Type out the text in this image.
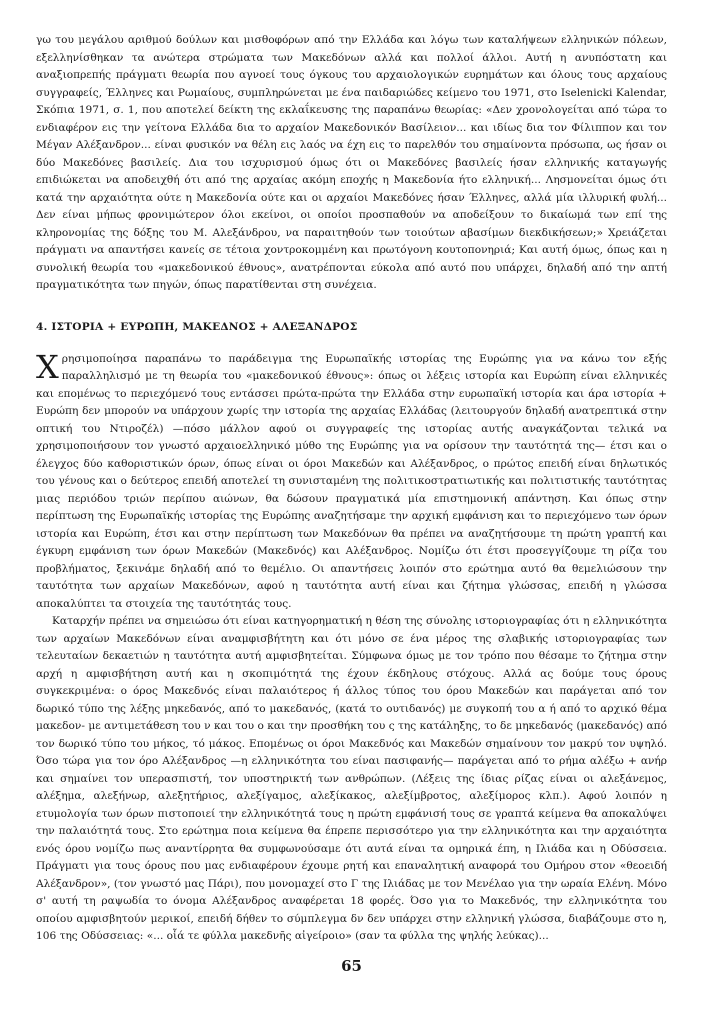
γω του μεγάλου αριθμού δούλων και μισθοφόρων από την Ελλάδα και λόγω των καταλήψεων ελληνικών πόλεων, εξελληνίσθηκαν τα ανώτερα στρώματα των Μακεδόνων αλλά και πολλοί άλλοι. Αυτή η ανυπόστατη και αναξιοπρεπής πράγματι θεωρία που αγνοεί τους όγκους του αρχαιολογικών ευρημάτων και όλους τους αρχαίους συγγραφείς, Έλληνες και Ρωμαίους, συμπληρώνεται με ένα παιδαριώδες κείμενο του 1971, στο Iselenicki Kalendar, Σκόπια 1971, σ. 1, που αποτελεί δείκτη της εκλαΐκευσης της παραπάνω θεωρίας: «Δεν χρονολογείται από τώρα το ενδιαφέρον εις την γείτονα Ελλάδα δια το αρχαίον Μακεδονικόν Βασίλειον... και ιδίως δια τον Φίλιππον και τον Μέγαν Αλέξανδρον... είναι φυσικόν να θέλη εις λαός να έχη εις το παρελθόν του σημαίνοντα πρόσωπα, ως ήσαν οι δύο Μακεδόνες βασιλείς. Δια του ισχυρισμού όμως ότι οι Μακεδόνες βασιλείς ήσαν ελληνικής καταγωγής επιδιώκεται να αποδειχθή ότι από της αρχαίας ακόμη εποχής η Μακεδονία ήτο ελληνική... Λησμονείται όμως ότι κατά την αρχαιότητα ούτε η Μακεδονία ούτε και οι αρχαίοι Μακεδόνες ήσαν Έλληνες, αλλά μία ιλλυρική φυλή... Δεν είναι μήπως φρονιμώτερον όλοι εκείνοι, οι οποίοι προσπαθούν να αποδείξουν το δικαίωμά των επί της κληρονομίας της δόξης του Μ. Αλεξάνδρου, να παραιτηθούν των τοιούτων αβασίμων διεκδικήσεων;» Χρειάζεται πράγματι να απαντήσει κανείς σε τέτοια χοντροκομμένη και πρωτόγονη κουτοπονηριά; Και αυτή όμως, όπως και η συνολική θεωρία του «μακεδονικού έθνους», ανατρέπονται εύκολα από αυτό που υπάρχει, δηλαδή από την απτή πραγματικότητα των πηγών, όπως παρατίθενται στη συνέχεια.

4. ΙΣΤΟΡΙΑ + ΕΥΡΩΠΗ, ΜΑΚΕΔΝΟΣ + ΑΛΕΞΑΝΔΡΟΣ

Χρησιμοποίησα παραπάνω το παράδειγμα της Ευρωπαϊκής ιστορίας της Ευρώπης για να κάνω τον εξής παραλληλισμό με τη θεωρία του «μακεδονικού έθνους»: όπως οι λέξεις ιστορία και Ευρώπη είναι ελληνικές και επομένως το περιεχόμενό τους εντάσσει πρώτα-πρώτα την Ελλάδα στην ευρωπαϊκή ιστορία και άρα ιστορία + Ευρώπη δεν μπορούν να υπάρχουν χωρίς την ιστορία της αρχαίας Ελλάδας (λειτουργούν δηλαδή ανατρεπτικά στην οπτική του Ντιροζέλ) —πόσο μάλλον αφού οι συγγραφείς της ιστορίας αυτής αναγκάζονται τελικά να χρησιμοποιήσουν τον γνωστό αρχαιοελληνικό μύθο της Ευρώπης για να ορίσουν την ταυτότητά της— έτσι και ο έλεγχος δύο καθοριστικών όρων, όπως είναι οι όροι Μακεδών και Αλέξανδρος, ο πρώτος επειδή είναι δηλωτικός του γένους και ο δεύτερος επειδή αποτελεί τη συνισταμένη της πολιτικοστρατιωτικής και πολιτιστικής ταυτότητας μιας περιόδου τριών περίπου αιώνων, θα δώσουν πραγματικά μία επιστημονική απάντηση. Και όπως στην περίπτωση της Ευρωπαϊκής ιστορίας της Ευρώπης αναζητήσαμε την αρχική εμφάνιση και το περιεχόμενο των όρων ιστορία και Ευρώπη, έτσι και στην περίπτωση των Μακεδόνων θα πρέπει να αναζητήσουμε τη πρώτη γραπτή και έγκυρη εμφάνιση των όρων Μακεδών (Μακεδνός) και Αλέξανδρος. Νομίζω ότι έτσι προσεγγίζουμε τη ρίζα του προβλήματος, ξεκινάμε δηλαδή από το θεμέλιο. Οι απαντήσεις λοιπόν στο ερώτημα αυτό θα θεμελιώσουν την ταυτότητα των αρχαίων Μακεδόνων, αφού η ταυτότητα αυτή είναι και ζήτημα γλώσσας, επειδή η γλώσσα αποκαλύπτει τα στοιχεία της ταυτότητάς τους.

Καταρχήν πρέπει να σημειώσω ότι είναι κατηγορηματική η θέση της σύνολης ιστοριογραφίας ότι η ελληνικότητα των αρχαίων Μακεδόνων είναι αναμφισβήτητη και ότι μόνο σε ένα μέρος της σλαβικής ιστοριογραφίας των τελευταίων δεκαετιών η ταυτότητα αυτή αμφισβητείται. Σύμφωνα όμως με τον τρόπο που θέσαμε το ζήτημα στην αρχή η αμφισβήτηση αυτή και η σκοπιμότητά της έχουν έκδηλους στόχους. Αλλά ας δούμε τους όρους συγκεκριμένα: ο όρος Μακεδνός είναι παλαιότερος ή άλλος τύπος του όρου Μακεδών και παράγεται από τον δωρικό τύπο της λέξης μηκεδανός, από το μακεδανός, (κατά το ουτιδανός) με συγκοπή του α ή από το αρχικό θέμα μακεδον- με αντιμετάθεση του ν και του ο και την προσθήκη του ς της κατάληξης, το δε μηκεδανός (μακεδανός) από τον δωρικό τύπο του μήκος, τό μάκος. Επομένως οι όροι Μακεδνός και Μακεδών σημαίνουν τον μακρύ τον υψηλό. Όσο τώρα για τον όρο Αλέξανδρος —η ελληνικότητα του είναι πασιφανής— παράγεται από το ρήμα αλέξω + ανήρ και σημαίνει τον υπερασπιστή, τον υποστηρικτή των ανθρώπων. (Λέξεις της ίδιας ρίζας είναι οι αλεξάνεμος, αλέξημα, αλεξήνωρ, αλεξητήριος, αλεξίγαμος, αλεξίκακος, αλεξίμβροτος, αλεξίμορος κλπ.). Αφού λοιπόν η ετυμολογία των όρων πιστοποιεί την ελληνικότητά τους η πρώτη εμφάνισή τους σε γραπτά κείμενα θα αποκαλύψει την παλαιότητά τους. Στο ερώτημα ποια κείμενα θα έπρεπε περισσότερο για την ελληνικότητα και την αρχαιότητα ενός όρου νομίζω πως αναντίρρητα θα συμφωνούσαμε ότι αυτά είναι τα ομηρικά έπη, η Ιλιάδα και η Οδύσσεια. Πράγματι για τους όρους που μας ενδιαφέρουν έχουμε ρητή και επαναλητική αναφορά του Ομήρου στον «θεοειδή Αλέξανδρον», (τον γνωστό μας Πάρι), που μονομαχεί στο Γ της Ιλιάδας με τον Μενέλαο για την ωραία Ελένη. Μόνο σ' αυτή τη ραψωδία το όνομα Αλέξανδρος αναφέρεται 18 φορές. Όσο για το Μακεδνός, την ελληνικότητα του οποίου αμφισβητούν μερικοί, επειδή δήθεν το σύμπλεγμα δν δεν υπάρχει στην ελληνική γλώσσα, διαβάζουμε στο η, 106 της Οδύσσειας: «... οἷά τε φύλλα μακεδνῆς αἰγείροιο» (σαν τα φύλλα της ψηλής λεύκας)...

65
